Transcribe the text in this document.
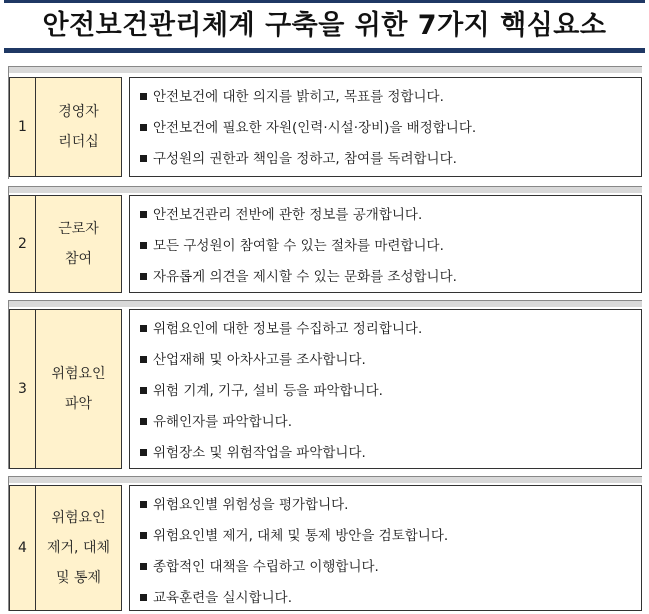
안전보건관리체계 구축을 위한 7가지 핵심요소
1
경영자
리더십
안전보건에 대한 의지를 밝히고, 목표를 정합니다.
안전보건에 필요한 자원(인력·시설·장비)을 배정합니다.
구성원의 권한과 책임을 정하고, 참여를 독려합니다.
2
근로자
참여
안전보건관리 전반에 관한 정보를 공개합니다.
모든 구성원이 참여할 수 있는 절차를 마련합니다.
자유롭게 의견을 제시할 수 있는 문화를 조성합니다.
3
위험요인
파악
위험요인에 대한 정보를 수집하고 정리합니다.
산업재해 및 아차사고를 조사합니다.
위험 기계, 기구, 설비 등을 파악합니다.
유해인자를 파악합니다.
위험장소 및 위험작업을 파악합니다.
4
위험요인
제거, 대체
및 통제
위험요인별 위험성을 평가합니다.
위험요인별 제거, 대체 및 통제 방안을 검토합니다.
종합적인 대책을 수립하고 이행합니다.
교육훈련을 실시합니다.
